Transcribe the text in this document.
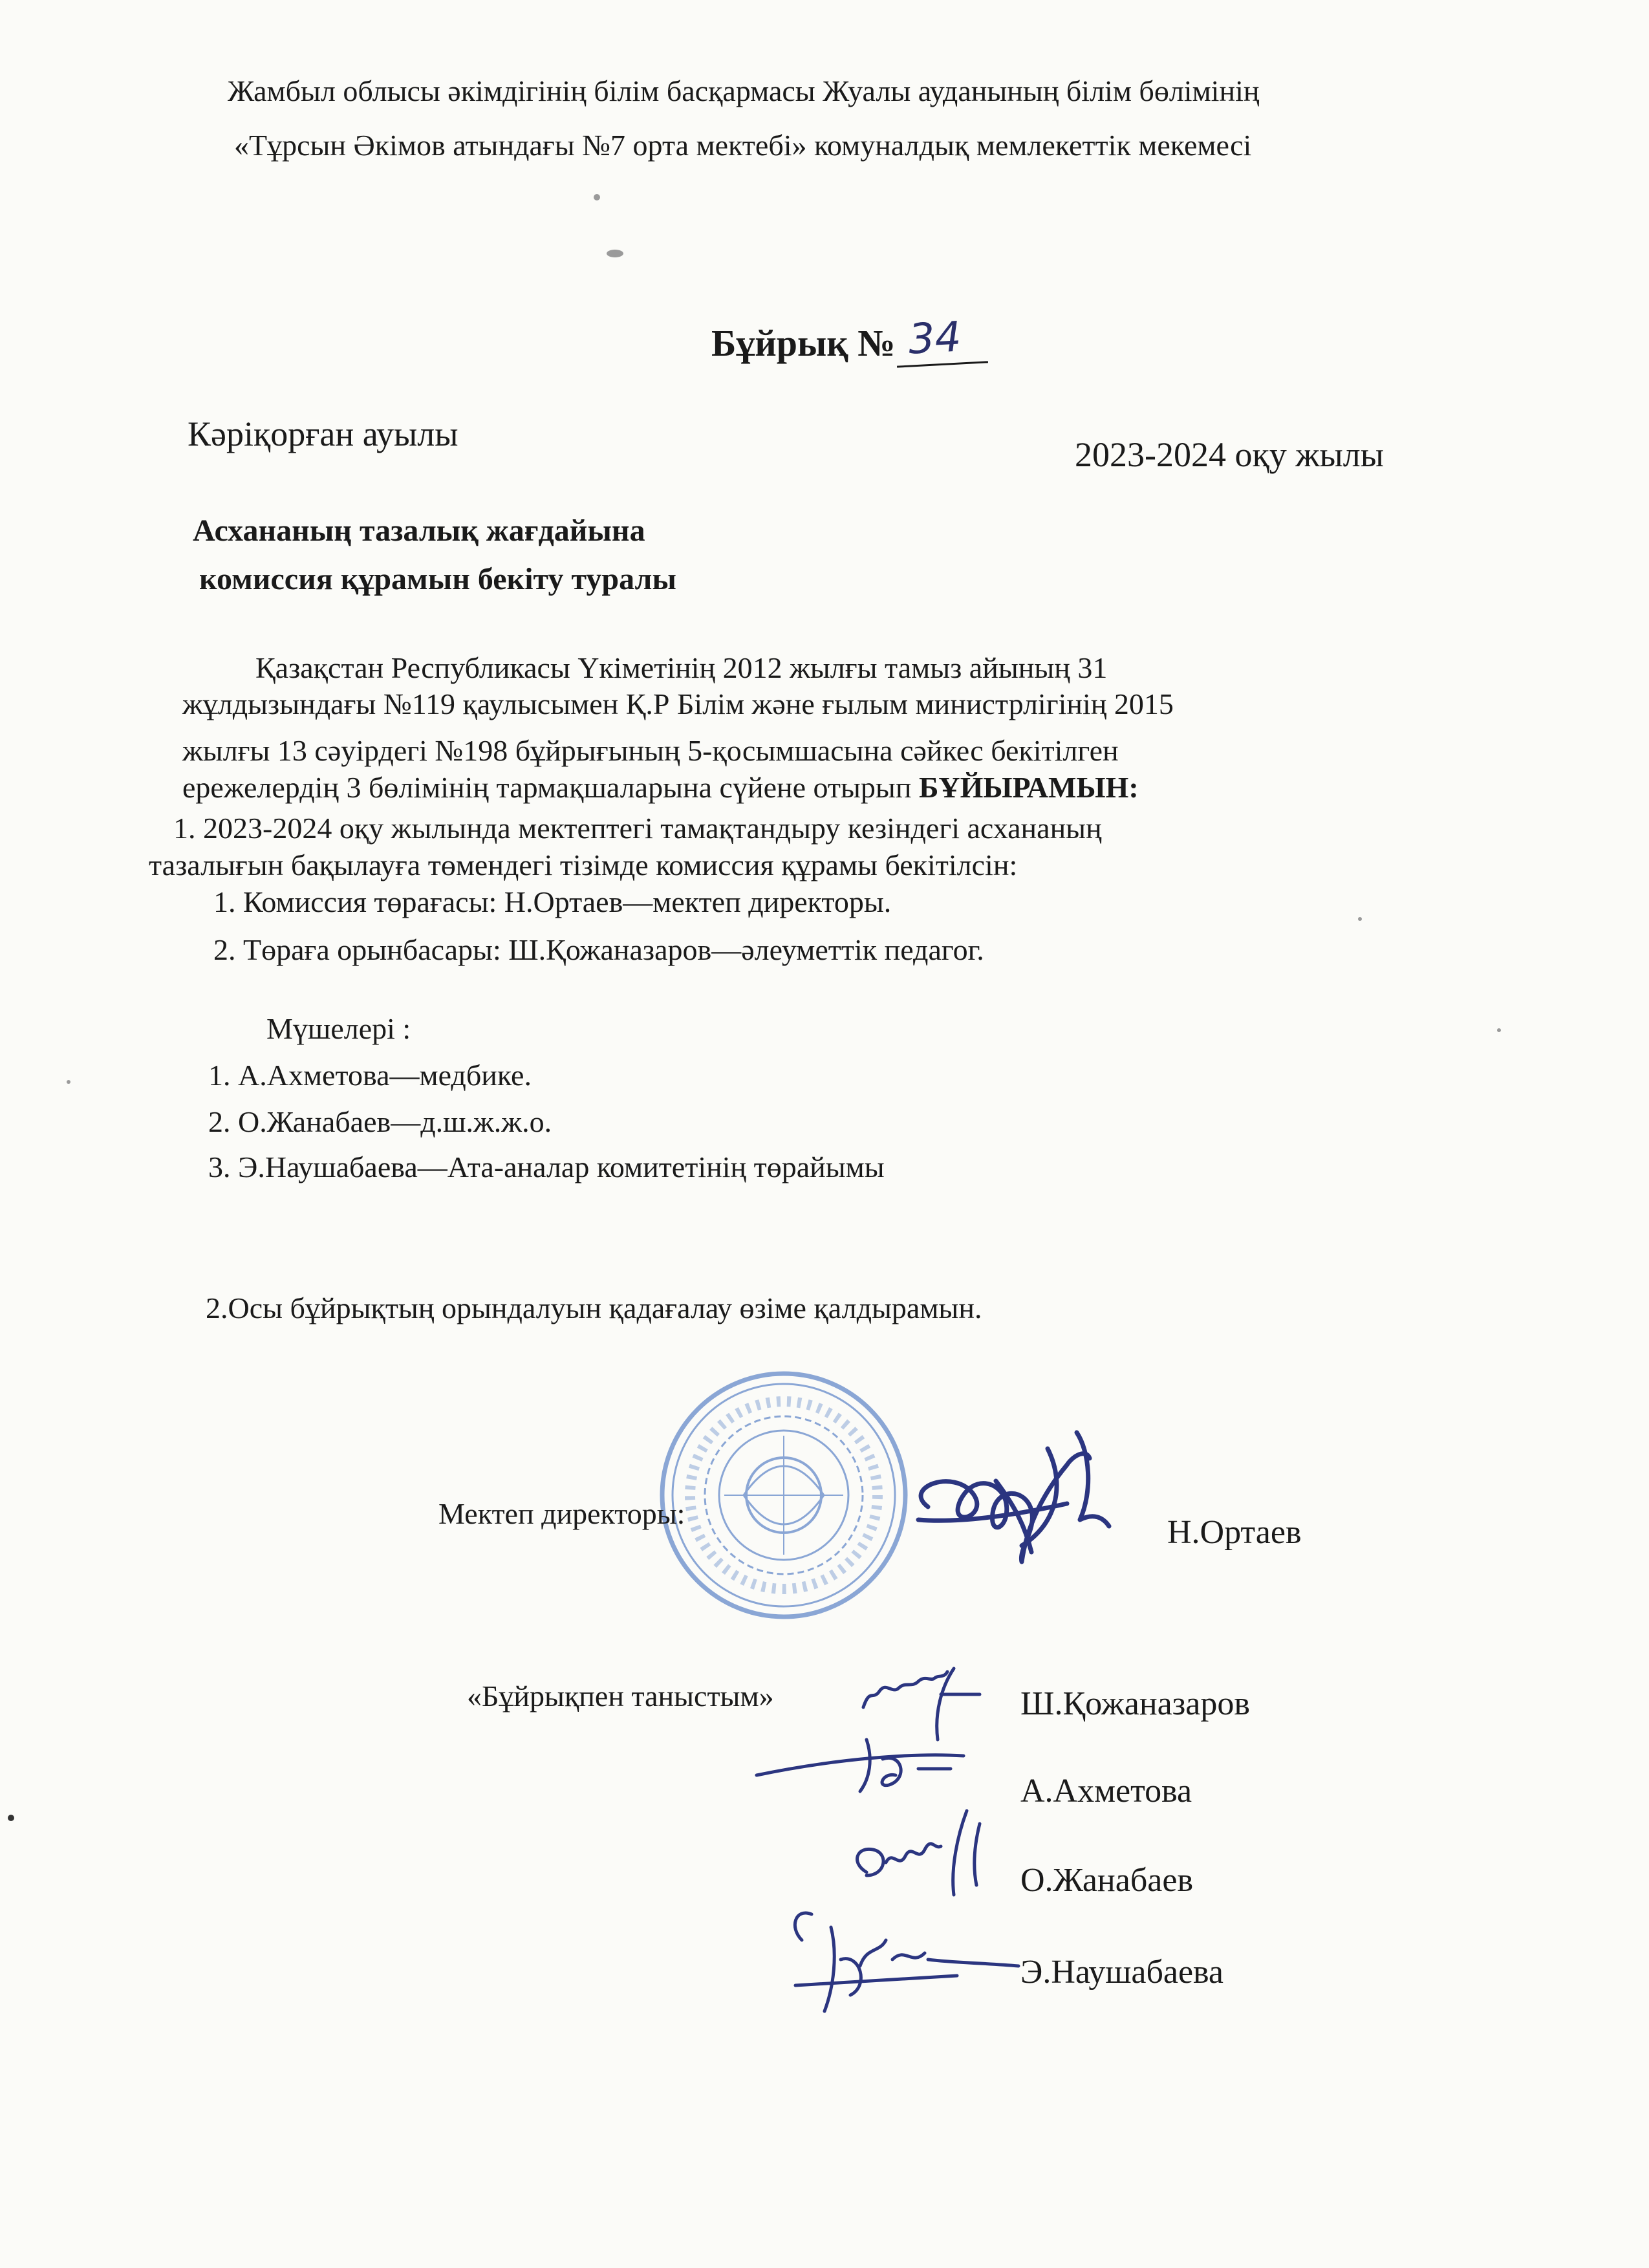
Жамбыл облысы әкімдігінің білім басқармасы Жуалы ауданының білім бөлімінің
«Тұрсын Әкімов атындағы №7 орта мектебі» комуналдық мемлекеттік мекемесі
Бұйрық № 34
Кәріқорған ауылы
2023-2024 оқу жылы
Асхананың тазалық жағдайына
комиссия құрамын бекіту туралы
Қазақстан Республикасы Үкіметінің 2012 жылғы тамыз айының 31
жұлдызындағы №119 қаулысымен Қ.Р Білім және ғылым министрлігінің 2015
жылғы 13 сәуірдегі №198 бұйрығының 5-қосымшасына сәйкес бекітілген
ережелердің 3 бөлімінің тармақшаларына сүйене отырып БҰЙЫРАМЫН:
1. 2023-2024 оқу жылында мектептегі тамақтандыру кезіндегі асхананың
тазалығын бақылауға төмендегі тізімде комиссия құрамы бекітілсін:
1. Комиссия төрағасы: Н.Ортаев—мектеп директоры.
2. Төраға орынбасары: Ш.Қожаназаров—әлеуметтік педагог.
Мүшелері :
1. А.Ахметова—медбике.
2. О.Жанабаев—д.ш.ж.ж.о.
3. Э.Наушабаева—Ата-аналар комитетінің төрайымы
2.Осы бұйрықтың орындалуын қадағалау өзіме қалдырамын.
Мектеп директоры:
Н.Ортаев
«Бұйрықпен таныстым»	Ш.Қожаназаров
А.Ахметова
О.Жанабаев
Э.Наушабаева
